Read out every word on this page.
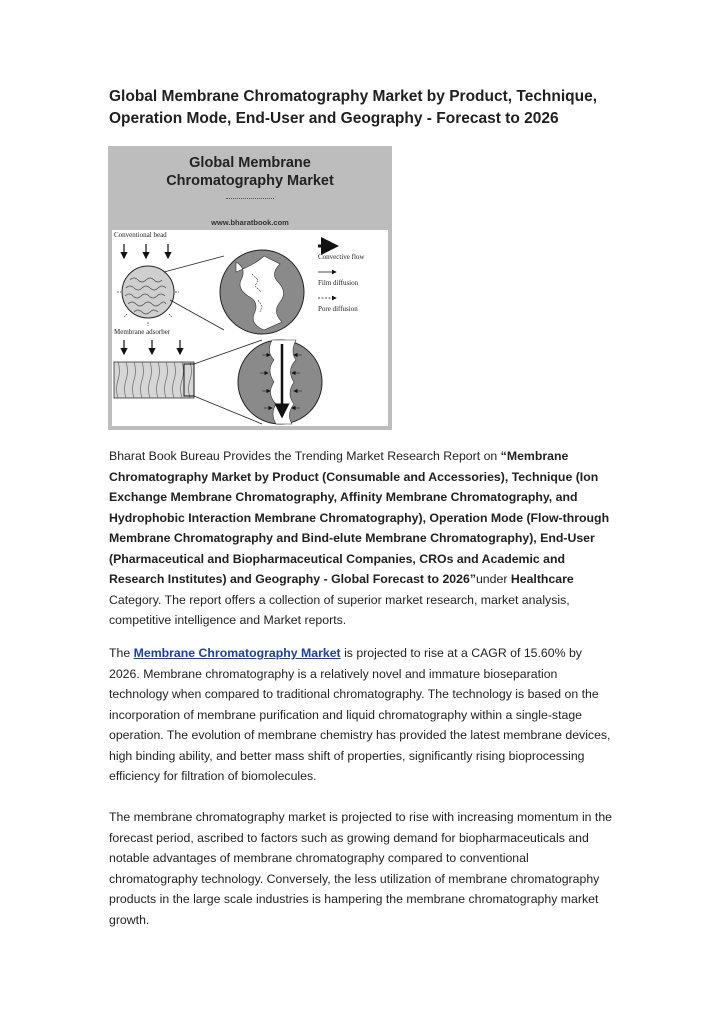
Global Membrane Chromatography Market by Product, Technique,
Operation Mode, End-User and Geography - Forecast to 2026
Global Membrane
Chromatography Market
www.bharatbook.com
Conventional bead
Convective flow
Film diffusion
Pore diffusion
Membrane adsorber

Bharat Book Bureau Provides the Trending Market Research Report on “Membrane Chromatography Market by Product (Consumable and Accessories), Technique (Ion Exchange Membrane Chromatography, Affinity Membrane Chromatography, and Hydrophobic Interaction Membrane Chromatography), Operation Mode (Flow-through Membrane Chromatography and Bind-elute Membrane Chromatography), End-User (Pharmaceutical and Biopharmaceutical Companies, CROs and Academic and Research Institutes) and Geography - Global Forecast to 2026”under Healthcare Category. The report offers a collection of superior market research, market analysis, competitive intelligence and Market reports.

The Membrane Chromatography Market is projected to rise at a CAGR of 15.60% by 2026. Membrane chromatography is a relatively novel and immature bioseparation technology when compared to traditional chromatography. The technology is based on the incorporation of membrane purification and liquid chromatography within a single-stage operation. The evolution of membrane chemistry has provided the latest membrane devices, high binding ability, and better mass shift of properties, significantly rising bioprocessing efficiency for filtration of biomolecules.

The membrane chromatography market is projected to rise with increasing momentum in the forecast period, ascribed to factors such as growing demand for biopharmaceuticals and notable advantages of membrane chromatography compared to conventional chromatography technology. Conversely, the less utilization of membrane chromatography products in the large scale industries is hampering the membrane chromatography market growth.
